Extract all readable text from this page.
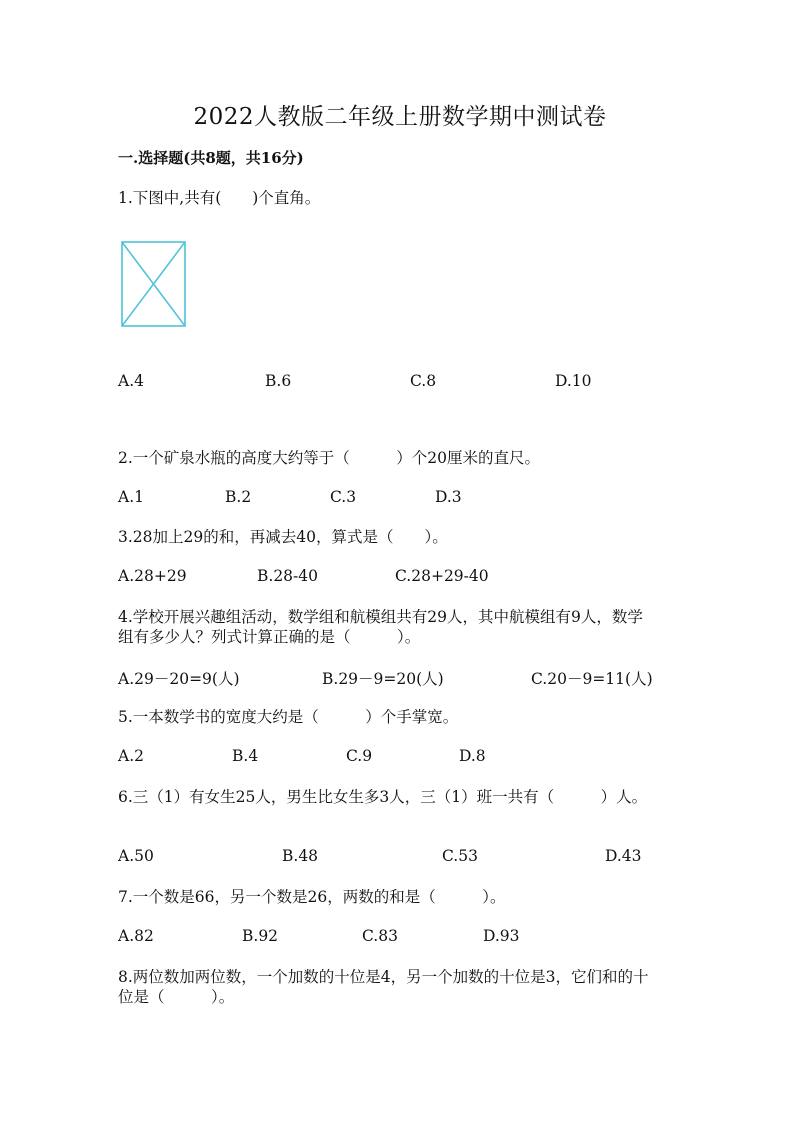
2022人教版二年级上册数学期中测试卷
一.选择题(共8题，共16分)
1.下图中,共有(　　)个直角。
A.4	B.6	C.8	D.10
2.一个矿泉水瓶的高度大约等于（　　　）个20厘米的直尺。
A.1	B.2	C.3	D.3
3.28加上29的和，再减去40，算式是（　　）。
A.28+29	B.28-40	C.28+29-40
4.学校开展兴趣组活动，数学组和航模组共有29人，其中航模组有9人，数学
组有多少人？列式计算正确的是（　　　）。
A.29－20=9(人)	B.29－9=20(人)	C.20－9=11(人)
5.一本数学书的宽度大约是（　　　）个手掌宽。
A.2	B.4	C.9	D.8
6.三（1）有女生25人，男生比女生多3人，三（1）班一共有（　　　）人。
A.50	B.48	C.53	D.43
7.一个数是66，另一个数是26，两数的和是（　　　）。
A.82	B.92	C.83	D.93
8.两位数加两位数，一个加数的十位是4，另一个加数的十位是3，它们和的十
位是（　　　）。
